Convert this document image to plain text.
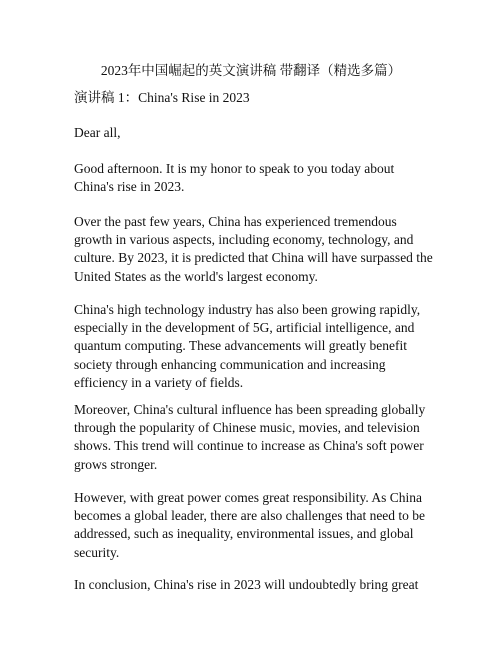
2023年中国崛起的英文演讲稿 带翻译（精选多篇）
演讲稿 1：China's Rise in 2023

Dear all,

Good afternoon. It is my honor to speak to you today about China's rise in 2023.

Over the past few years, China has experienced tremendous growth in various aspects, including economy, technology, and culture. By 2023, it is predicted that China will have surpassed the United States as the world's largest economy.

China's high technology industry has also been growing rapidly, especially in the development of 5G, artificial intelligence, and quantum computing. These advancements will greatly benefit society through enhancing communication and increasing efficiency in a variety of fields.

Moreover, China's cultural influence has been spreading globally through the popularity of Chinese music, movies, and television shows. This trend will continue to increase as China's soft power grows stronger.

However, with great power comes great responsibility. As China becomes a global leader, there are also challenges that need to be addressed, such as inequality, environmental issues, and global security.

In conclusion, China's rise in 2023 will undoubtedly bring great
